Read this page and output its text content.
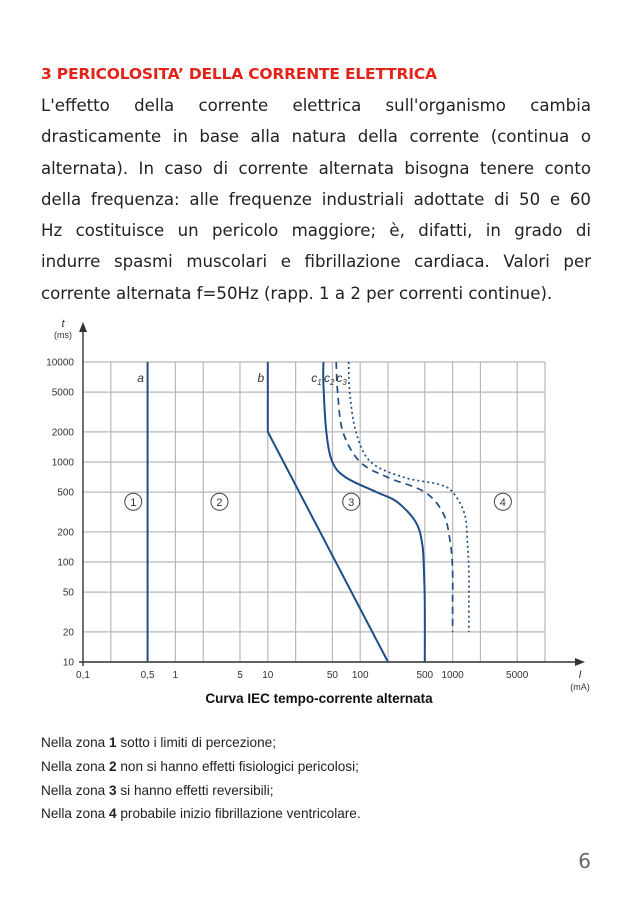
3 PERICOLOSITA’ DELLA CORRENTE ELETTRICA
L'effetto della corrente elettrica sull'organismo cambia
drasticamente in base alla natura della corrente (continua o
alternata). In caso di corrente alternata bisogna tenere conto
della frequenza: alle frequenze industriali adottate di 50 e 60
Hz costituisce un pericolo maggiore; è, difatti, in grado di
indurre spasmi muscolari e fibrillazione cardiaca. Valori per
corrente alternata f=50Hz (rapp. 1 a 2 per correnti continue).
10
20
50
100
200
500
1000
2000
5000
10000
0,1	0,5 1	5 10	50 100	500 1000	5000
t
(ms)
I
(mA)
a	b	$c_1$ $c_2$ $c_3$
1	2	3	4
Curva IEC tempo-corrente alternata
Nella zona 1 sotto i limiti di percezione;
Nella zona 2 non si hanno effetti fisiologici pericolosi;
Nella zona 3 si hanno effetti reversibili;
Nella zona 4 probabile inizio fibrillazione ventricolare.
6
